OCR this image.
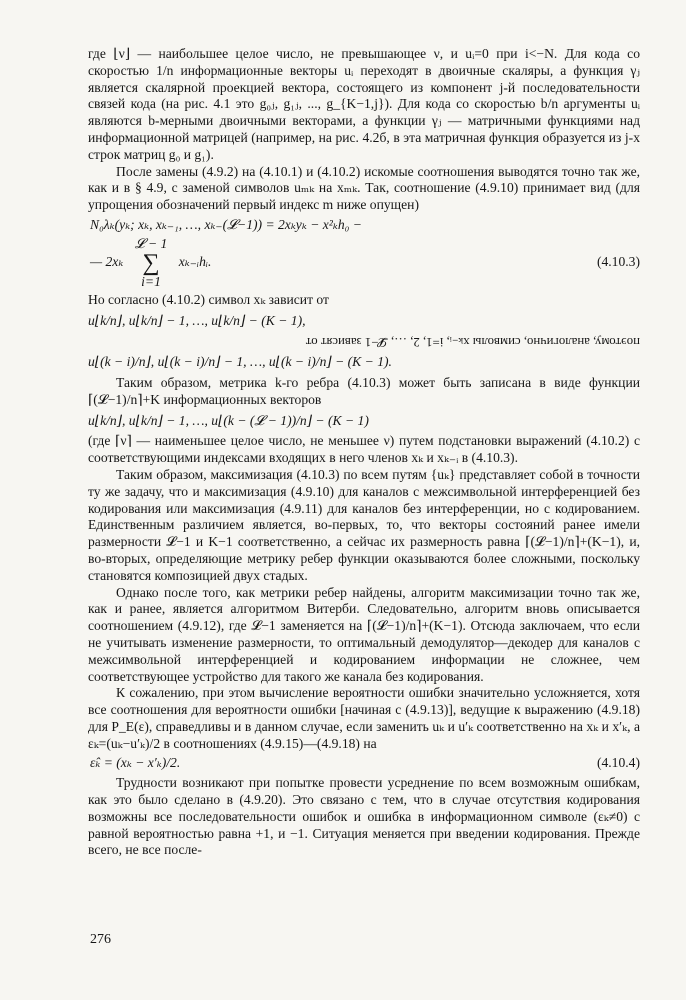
где ⌊ν⌋ — наибольшее целое число, не превышающее ν, и uᵢ=0 при i<−N. Для кода со скоростью 1/n информационные векторы uᵢ переходят в двоичные скаляры, а функция γⱼ является скалярной проекцией вектора, состоящего из компонент j-й последовательности связей кода (на рис. 4.1 это g₀ⱼ, g₁ⱼ, ..., g_{K−1,j}). Для кода со скоростью b/n аргументы uᵢ являются b-мерными двоичными векторами, а функции γⱼ — матричными функциями над информационной матрицей (например, на рис. 4.2б, в эта матричная функция образуется из j-х строк матриц g₀ и g₁).

После замены (4.9.2) на (4.10.1) и (4.10.2) искомые соотношения выводятся точно так же, как и в § 4.9, с заменой символов uₘₖ на xₘₖ. Так, соотношение (4.9.10) принимает вид (для упрощения обозначений первый индекс m ниже опущен)

N₀λₖ(yₖ; xₖ, xₖ₋₁, …, xₖ₋(𝓛−1)) = 2xₖyₖ − x²ₖh₀ −
— 2xₖ
𝓛 − 1
∑
i=1
xₖ₋ᵢhᵢ.	(4.10.3)

Но согласно (4.10.2) символ xₖ зависит от

u⌊k/n⌋, u⌊k/n⌋ − 1, …, u⌊k/n⌋ − (K − 1),
поэтому, аналогично, символы xₖ₋ᵢ, i=1, 2, …, 𝓛−1 зависят от
u⌊(k − i)/n⌋, u⌊(k − i)/n⌋ − 1, …, u⌊(k − i)/n⌋ − (K − 1).

Таким образом, метрика k-го ребра (4.10.3) может быть записана в виде функции ⌈(𝓛−1)/n⌉+K информационных векторов

u⌊k/n⌋, u⌊k/n⌋ − 1, …, u⌊(k − (𝓛 − 1))/n⌋ − (K − 1)

(где ⌈ν⌉ — наименьшее целое число, не меньшее ν) путем подстановки выражений (4.10.2) с соответствующими индексами входящих в него членов xₖ и xₖ₋ᵢ в (4.10.3).

Таким образом, максимизация (4.10.3) по всем путям {uₖ} представляет собой в точности ту же задачу, что и максимизация (4.9.10) для каналов с межсимвольной интерференцией без кодирования или максимизация (4.9.11) для каналов без интерференции, но с кодированием. Единственным различием является, во-первых, то, что векторы состояний ранее имели размерности 𝓛−1 и K−1 соответственно, а сейчас их размерность равна ⌈(𝓛−1)/n⌉+(K−1), и, во-вторых, определяющие метрику ребер функции оказываются более сложными, поскольку становятся композицией двух стадых.

Однако после того, как метрики ребер найдены, алгоритм максимизации точно так же, как и ранее, является алгоритмом Витерби. Следовательно, алгоритм вновь описывается соотношением (4.9.12), где 𝓛−1 заменяется на ⌈(𝓛−1)/n⌉+(K−1). Отсюда заключаем, что если не учитывать изменение размерности, то оптимальный демодулятор—декодер для каналов с межсимвольной интерференцией и кодированием информации не сложнее, чем соответствующее устройство для такого же канала без кодирования.

К сожалению, при этом вычисление вероятности ошибки значительно усложняется, хотя все соотношения для вероятности ошибки [начиная с (4.9.13)], ведущие к выражению (4.9.18) для P_E(ε), справедливы и в данном случае, если заменить uₖ и u′ₖ соответственно на xₖ и x′ₖ, а εₖ=(uₖ−u′ₖ)/2 в соотношениях (4.9.15)—(4.9.18) на

ε̂ₖ = (xₖ − x′ₖ)/2.	(4.10.4)

Трудности возникают при попытке провести усреднение по всем возможным ошибкам, как это было сделано в (4.9.20). Это связано с тем, что в случае отсутствия кодирования возможны все последовательности ошибок и ошибка в информационном символе (εₖ≠0) с равной вероятностью равна +1, и −1. Ситуация меняется при введении кодирования. Прежде всего, не все после-

276
